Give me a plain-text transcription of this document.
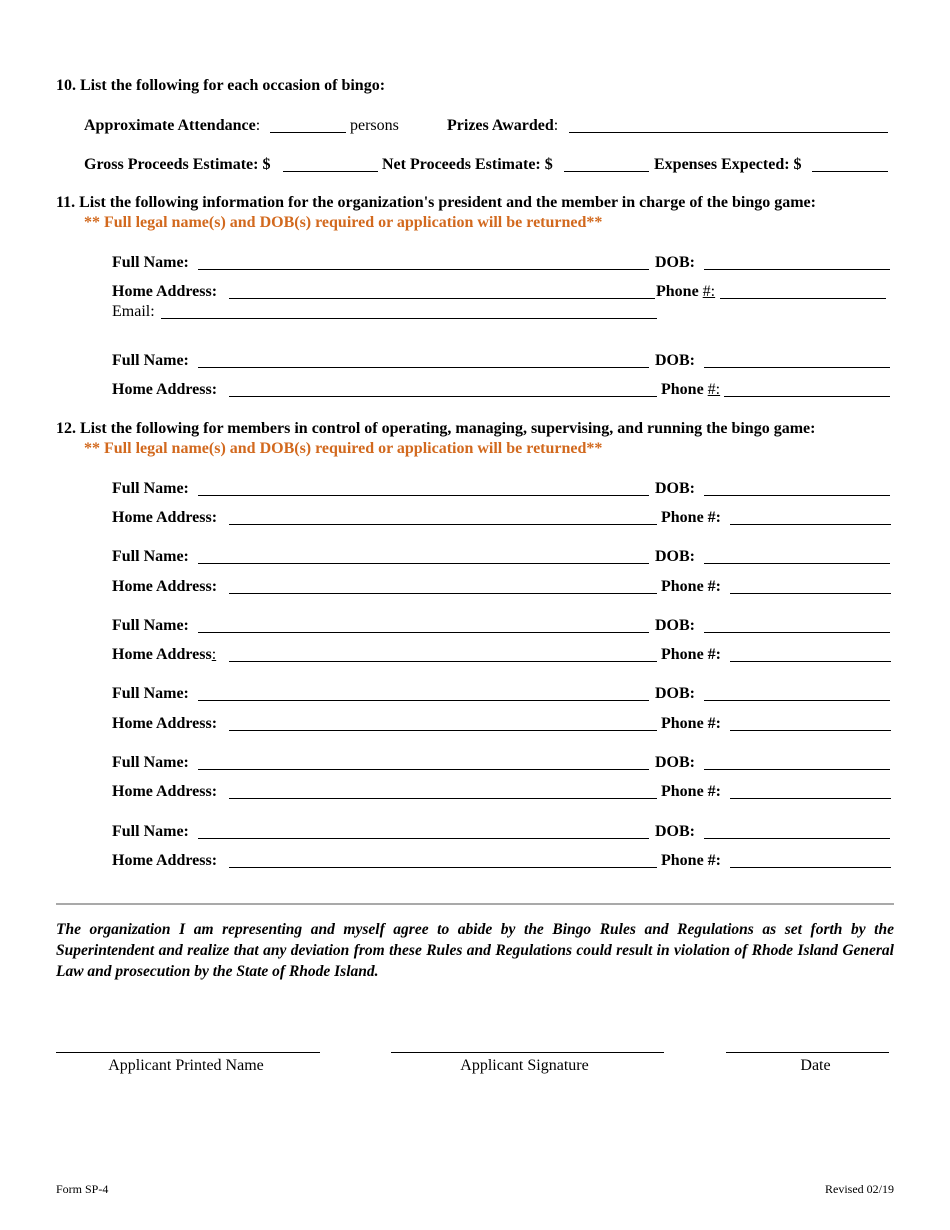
10. List the following for each occasion of bingo:
Approximate Attendance:	persons	Prizes Awarded:
Gross Proceeds Estimate: $	Net Proceeds Estimate: $	Expenses Expected: $
11. List the following information for the organization's president and the member in charge of the bingo game:
** Full legal name(s) and DOB(s) required or application will be returned**
Full Name:	DOB:
Home Address:	Phone #:
Email:
Full Name:	DOB:
Home Address:	Phone #:
12. List the following for members in control of operating, managing, supervising, and running the bingo game:
** Full legal name(s) and DOB(s) required or application will be returned**
Full Name:	DOB:
Home Address:	Phone #:
Full Name:	DOB:
Home Address:	Phone #:
Full Name:	DOB:
Home Address:	Phone #:
Full Name:	DOB:
Home Address:	Phone #:
Full Name:	DOB:
Home Address:	Phone #:
Full Name:	DOB:
Home Address:	Phone #:
The organization I am representing and myself agree to abide by the Bingo Rules and Regulations as set forth by the Superintendent and realize that any deviation from these Rules and Regulations could result in violation of Rhode Island General Law and prosecution by the State of Rhode Island.
Applicant Printed Name	Applicant Signature	Date
Form SP-4	Revised 02/19
